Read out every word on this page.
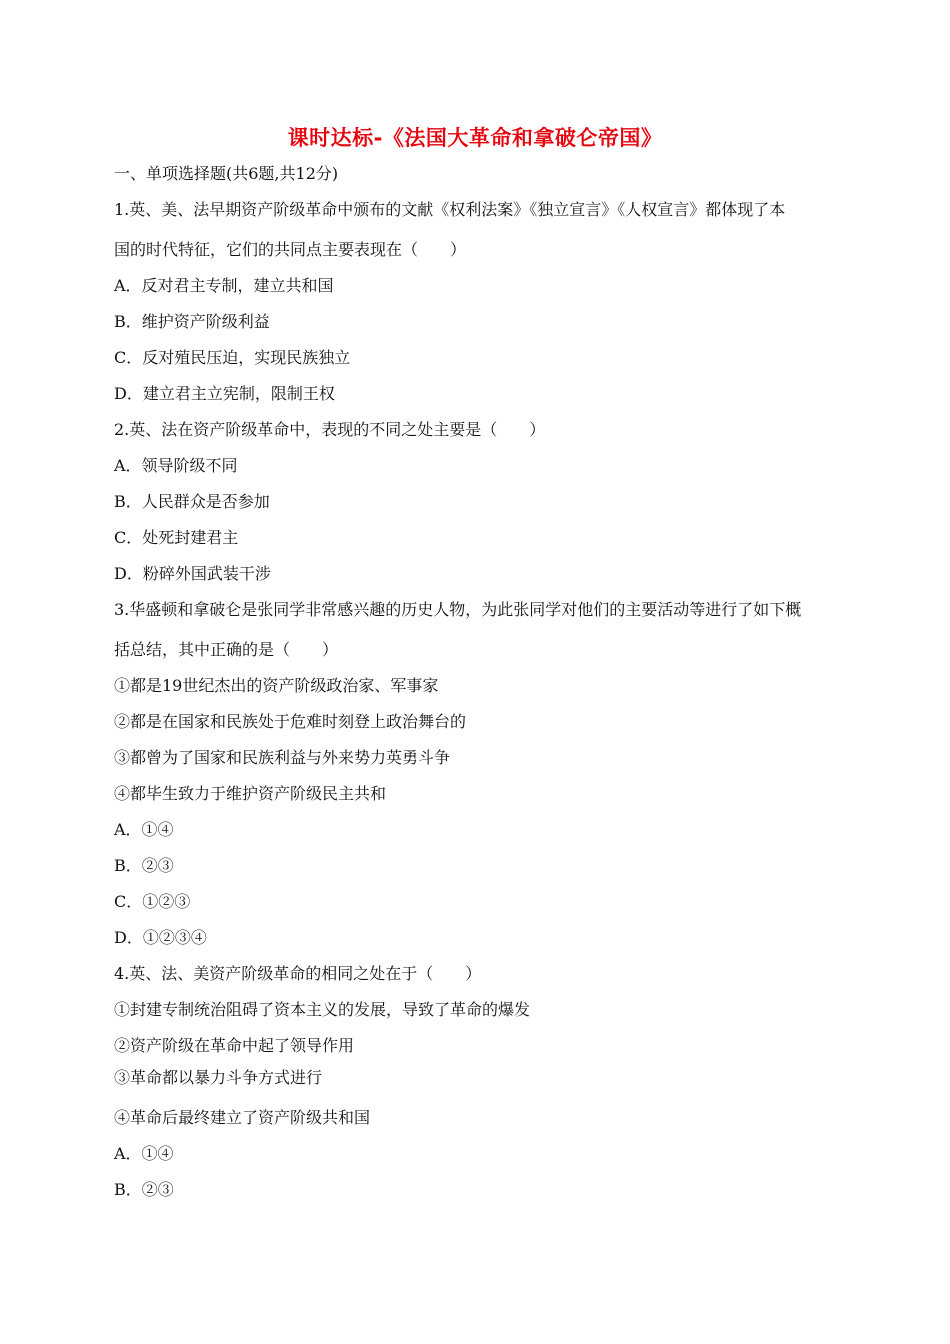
课时达标-《法国大革命和拿破仑帝国》
一、单项选择题(共6题,共12分)
1.英、美、法早期资产阶级革命中颁布的文献《权利法案》《独立宣言》《人权宣言》都体现了本
国的时代特征，它们的共同点主要表现在（　　）
A．反对君主专制，建立共和国
B．维护资产阶级利益
C．反对殖民压迫，实现民族独立
D．建立君主立宪制，限制王权
2.英、法在资产阶级革命中，表现的不同之处主要是（　　）
A．领导阶级不同
B．人民群众是否参加
C．处死封建君主
D．粉碎外国武装干涉
3.华盛顿和拿破仑是张同学非常感兴趣的历史人物，为此张同学对他们的主要活动等进行了如下概
括总结，其中正确的是（　　）
①都是19世纪杰出的资产阶级政治家、军事家
②都是在国家和民族处于危难时刻登上政治舞台的
③都曾为了国家和民族利益与外来势力英勇斗争
④都毕生致力于维护资产阶级民主共和
A．①④
B．②③
C．①②③
D．①②③④
4.英、法、美资产阶级革命的相同之处在于（　　）
①封建专制统治阻碍了资本主义的发展，导致了革命的爆发
②资产阶级在革命中起了领导作用
③革命都以暴力斗争方式进行
④革命后最终建立了资产阶级共和国
A．①④
B．②③
